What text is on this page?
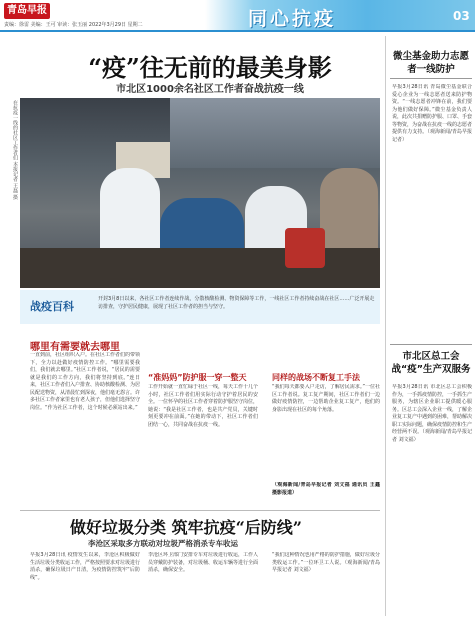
青岛早报
责编：徐雷 美编：王可 审读：张玉丽 2022年3月29日 星期二	同心抗疫	03
“疫”往无前的最美身影
市北区1000余名社区工作者奋战抗疫一线
在抗疫一线的社区工作者们 本报记者 王磊 摄
战疫百科
开封3月8日以来，各社区工作者连续作战，分散核酸检测、物资保障等工作，一线社区工作者持续奋战在社区……广泛开展走访排查，守护居民健康，展现了社区工作者的担当与坚守。
哪里有需要就去哪里
一直到前，社区组织入户。在社区工作者们的带领下，全力以赴做好疫情防控工作。“哪里需要我们，我们就去哪里。”社区工作者说，“居民的需要就是我们的工作方向，我们将坚持到底。”连日来，社区工作者们入户排查、协助核酸检测、为居民配送物资，从清晨忙到深夜，他们毫无怨言。许多社区工作者家里也有老人孩子，但他们选择坚守岗位。“作为社区工作者，这个时候必须站出来。”
“准妈妈”防护服一穿一整天
工作开始就一直忙碌于社区一线，每天工作十几个小时，社区工作者们用实际行动守护着居民的安全。一位怀孕的社区工作者穿着防护服坚守岗位，她说：“我是社区工作者，也是共产党员，关键时刻更要冲在前面。”在她的带动下，社区工作者们团结一心，共同奋战在抗疫一线。
同样的战场不断复工手法
“我们每天都要入户走访，了解居民需求。”一位社区工作者说。复工复产期间，社区工作者们一边做好疫情防控，一边帮助企业复工复产，他们的身影出现在社区的每个角落。
（观海新闻/青岛早报记者 刘文福 通讯员 王鑫 摄影报道）
做好垃圾分类 筑牢抗疫“后防线”
李沧区采取多方联动对垃圾严格消杀专车收运
早报3月28日讯 疫情发生以来，李沧区积极做好生活垃圾分类收运工作，严格按照要求对垃圾进行消杀，确保垃圾日产日清，为疫情防控筑牢“后防线”。
李沧区环卫部门安排专车对垃圾进行收运，工作人员穿戴防护装备，对垃圾桶、收运车辆等进行全面消杀，确保安全。
“我们这种情况也用严格的防护措施，做好垃圾分类收运工作。”一位环卫工人说。（观海新闻/青岛早报记者 刘文福）
微尘基金助力志愿者一线防护
早报3月28日讯 青岛微尘基金联合爱心企业为一线志愿者送来防护物资。“一线志愿者冲锋在前，我们要为他们做好保障。”微尘基金负责人说，此次共捐赠防护服、口罩、手套等物资，为奋战在抗疫一线的志愿者提供有力支持。（观海新闻/青岛早报记者）
市北区总工会战“疫”生产双服务
早报3月28日讯 市北区总工会积极作为，一手抓疫情防控，一手抓生产服务，为辖区企业职工提供暖心服务。区总工会深入企业一线，了解企业复工复产中遇到的困难，帮助解决职工实际问题，确保疫情防控和生产经营两不误。（观海新闻/青岛早报记者 刘文福）
